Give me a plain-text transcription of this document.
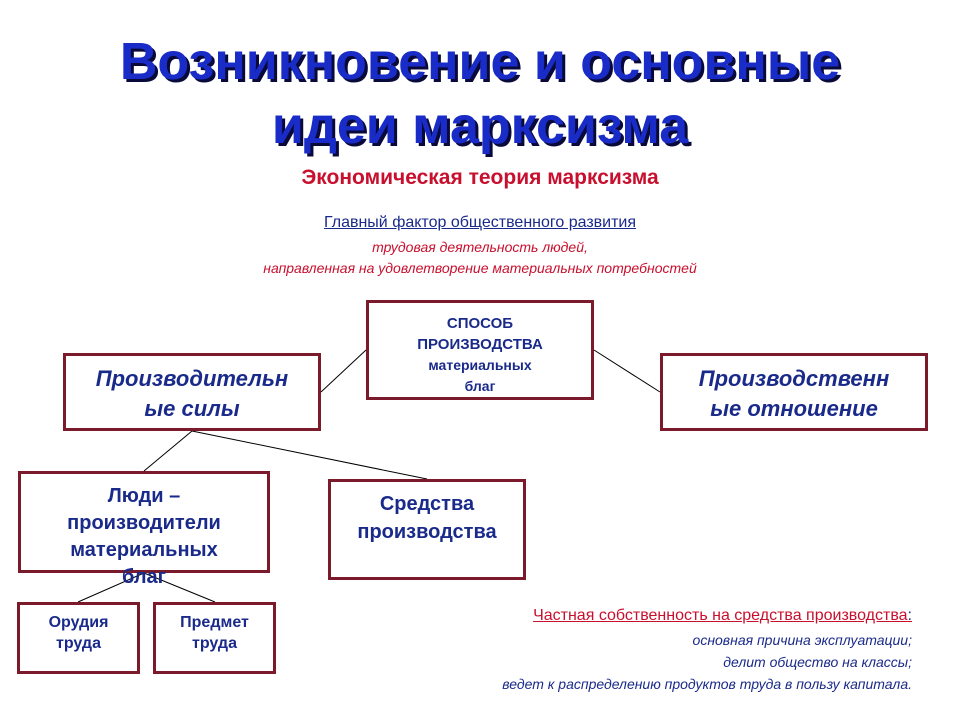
Возникновение и основные
идеи марксизма
Экономическая теория марксизма
Главный фактор общественного развития
трудовая деятельность людей,
направленная на удовлетворение материальных потребностей
СПОСОБ
ПРОИЗВОДСТВА
материальных
благ
Производительн
ые силы
Производственн
ые отношение
Люди –
производители
материальных
благ
Средства
производства
Орудия
труда
Предмет
труда
Частная собственность на средства производства:
основная причина эксплуатации;
делит общество на классы;
ведет к распределению продуктов труда в пользу капитала.
